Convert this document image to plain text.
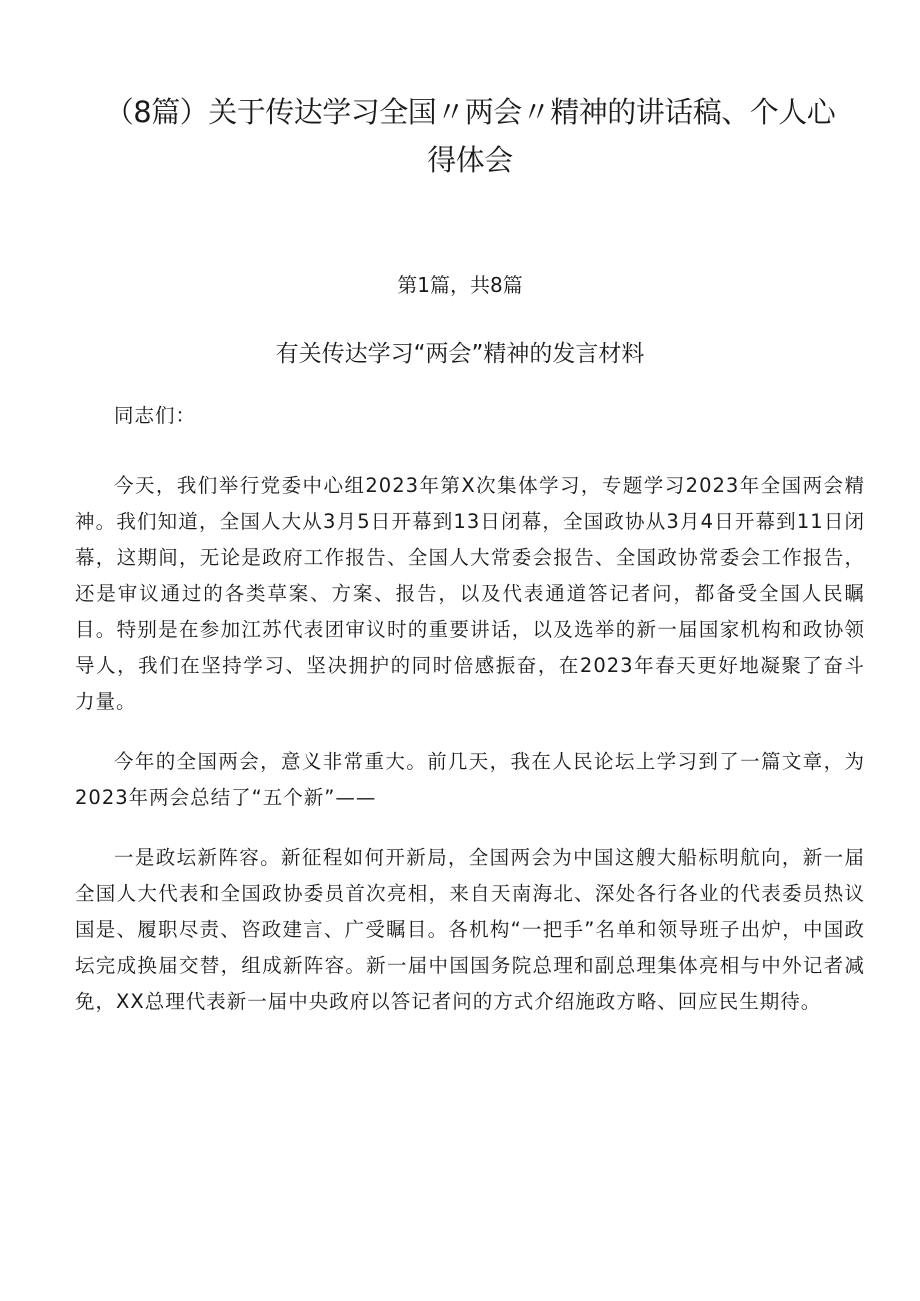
（8篇）关于传达学习全国〃两会〃精神的讲话稿、个人心得体会
第1篇，共8篇
有关传达学习“两会”精神的发言材料

同志们：

今天，我们举行党委中心组2023年第X次集体学习，专题学习2023年全国两会精神。我们知道，全国人大从3月5日开幕到13日闭幕，全国政协从3月4日开幕到11日闭幕，这期间，无论是政府工作报告、全国人大常委会报告、全国政协常委会工作报告，还是审议通过的各类草案、方案、报告，以及代表通道答记者问，都备受全国人民瞩目。特别是在参加江苏代表团审议时的重要讲话，以及选举的新一届国家机构和政协领导人，我们在坚持学习、坚决拥护的同时倍感振奋，在2023年春天更好地凝聚了奋斗力量。

今年的全国两会，意义非常重大。前几天，我在人民论坛上学习到了一篇文章，为2023年两会总结了“五个新”——

一是政坛新阵容。新征程如何开新局，全国两会为中国这艘大船标明航向，新一届全国人大代表和全国政协委员首次亮相，来自天南海北、深处各行各业的代表委员热议国是、履职尽责、咨政建言、广受瞩目。各机构“一把手”名单和领导班子出炉，中国政坛完成换届交替，组成新阵容。新一届中国国务院总理和副总理集体亮相与中外记者减免，XX总理代表新一届中央政府以答记者问的方式介绍施政方略、回应民生期待。
